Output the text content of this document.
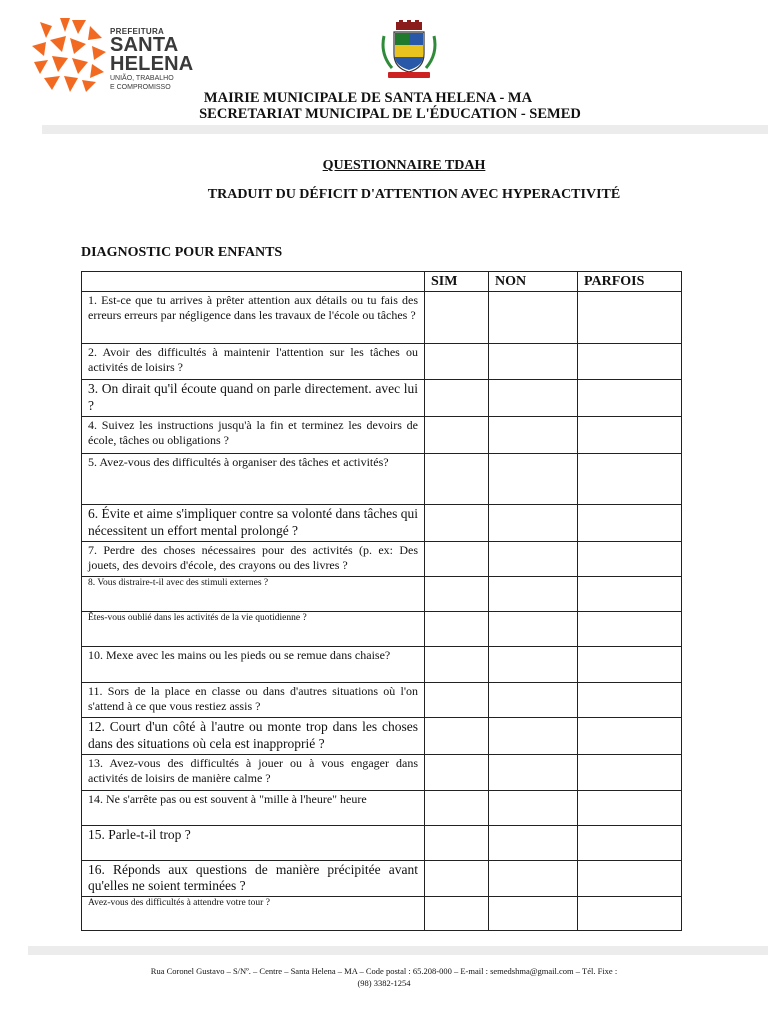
PREFEITURA
SANTA
HELENA
UNIÃO, TRABALHO
E COMPROMISSO
MAIRIE MUNICIPALE DE SANTA HELENA - MA
SECRETARIAT MUNICIPAL DE L'ÉDUCATION - SEMED
QUESTIONNAIRE TDAH
TRADUIT DU DÉFICIT D'ATTENTION AVEC HYPERACTIVITÉ
DIAGNOSTIC POUR ENFANTS
	SIM	NON	PARFOIS
1. Est-ce que tu arrives à prêter attention aux détails ou tu fais des erreurs erreurs par négligence dans les travaux de l'école ou tâches ?			
2. Avoir des difficultés à maintenir l'attention sur les tâches ou activités de loisirs ?			
3. On dirait qu'il écoute quand on parle directement. avec lui ?			
4. Suivez les instructions jusqu'à la fin et terminez les devoirs de école, tâches ou obligations ?			
5. Avez-vous des difficultés à organiser des tâches et activités?			
6. Évite et aime s'impliquer contre sa volonté dans tâches qui nécessitent un effort mental prolongé ?			
7. Perdre des choses nécessaires pour des activités (p. ex: Des jouets, des devoirs d'école, des crayons ou des livres ?			
8. Vous distraire-t-il avec des stimuli externes ?			
Êtes-vous oublié dans les activités de la vie quotidienne ?			
10. Mexe avec les mains ou les pieds ou se remue dans chaise?			
11. Sors de la place en classe ou dans d'autres situations où l'on s'attend à ce que vous restiez assis ?			
12. Court d'un côté à l'autre ou monte trop dans les choses dans des situations où cela est inapproprié ?			
13. Avez-vous des difficultés à jouer ou à vous engager dans activités de loisirs de manière calme ?			
14. Ne s'arrête pas ou est souvent à "mille à l'heure" heure			
15. Parle-t-il trop ?			
16. Réponds aux questions de manière précipitée avant qu'elles ne soient terminées ?			
Avez-vous des difficultés à attendre votre tour ?			
Rua Coronel Gustavo – S/Nº. – Centre – Santa Helena – MA – Code postal : 65.208-000 – E-mail : semedshma@gmail.com – Tél. Fixe :
(98) 3382-1254
